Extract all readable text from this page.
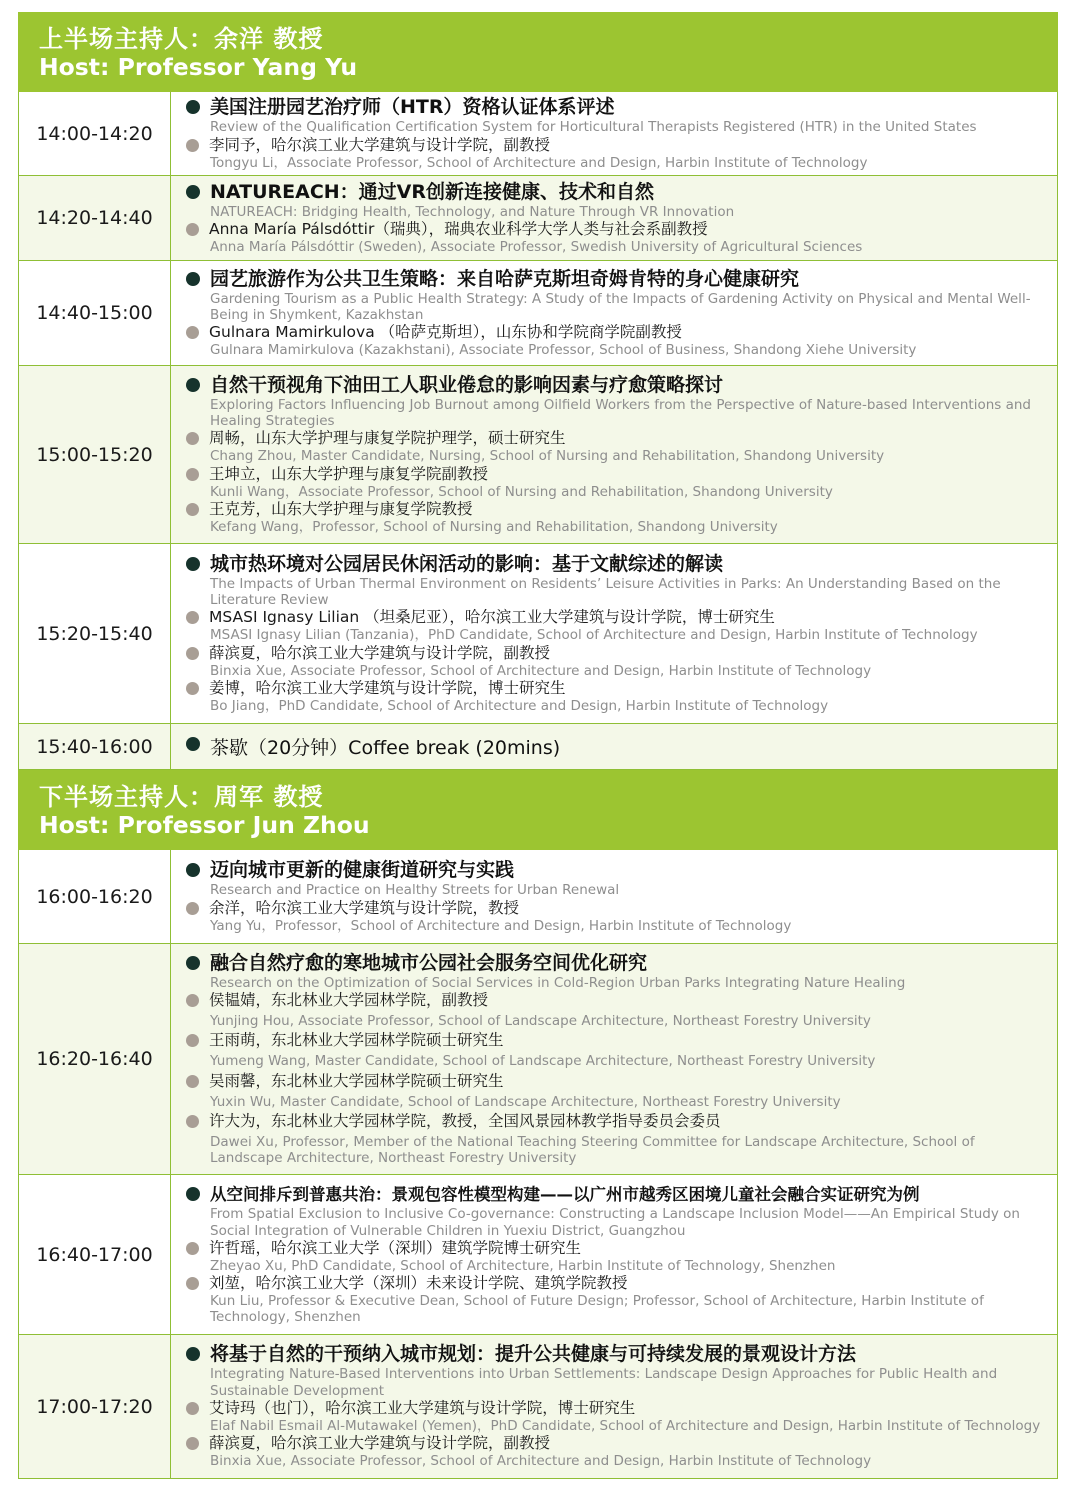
上半场主持人：余洋 教授
Host: Professor Yang Yu
14:00-14:20
美国注册园艺治疗师（HTR）资格认证体系评述
Review of the Qualification Certification System for Horticultural Therapists Registered (HTR) in the United States
李同予，哈尔滨工业大学建筑与设计学院，副教授
Tongyu Li，Associate Professor, School of Architecture and Design, Harbin Institute of Technology
14:20-14:40
NATUREACH：通过VR创新连接健康、技术和自然
NATUREACH: Bridging Health, Technology, and Nature Through VR Innovation
Anna María Pálsdóttir（瑞典），瑞典农业科学大学人类与社会系副教授
Anna María Pálsdóttir (Sweden), Associate Professor, Swedish University of Agricultural Sciences
14:40-15:00
园艺旅游作为公共卫生策略：来自哈萨克斯坦奇姆肯特的身心健康研究
Gardening Tourism as a Public Health Strategy: A Study of the Impacts of Gardening Activity on Physical and Mental Well-Being in Shymkent, Kazakhstan
Gulnara Mamirkulova （哈萨克斯坦），山东协和学院商学院副教授
Gulnara Mamirkulova (Kazakhstani), Associate Professor, School of Business, Shandong Xiehe University
15:00-15:20
自然干预视角下油田工人职业倦怠的影响因素与疗愈策略探讨
Exploring Factors Influencing Job Burnout among Oilfield Workers from the Perspective of Nature-based Interventions and Healing Strategies
周畅，山东大学护理与康复学院护理学，硕士研究生
Chang Zhou, Master Candidate, Nursing, School of Nursing and Rehabilitation, Shandong University
王坤立，山东大学护理与康复学院副教授
Kunli Wang，Associate Professor, School of Nursing and Rehabilitation, Shandong University
王克芳，山东大学护理与康复学院教授
Kefang Wang，Professor, School of Nursing and Rehabilitation, Shandong University
15:20-15:40
城市热环境对公园居民休闲活动的影响：基于文献综述的解读
The Impacts of Urban Thermal Environment on Residents’ Leisure Activities in Parks: An Understanding Based on the Literature Review
MSASI Ignasy Lilian （坦桑尼亚），哈尔滨工业大学建筑与设计学院，博士研究生
MSASI Ignasy Lilian (Tanzania)，PhD Candidate, School of Architecture and Design, Harbin Institute of Technology
薛滨夏，哈尔滨工业大学建筑与设计学院，副教授
Binxia Xue, Associate Professor, School of Architecture and Design, Harbin Institute of Technology
姜博，哈尔滨工业大学建筑与设计学院，博士研究生
Bo Jiang，PhD Candidate, School of Architecture and Design, Harbin Institute of Technology
15:40-16:00	茶歇（20分钟）Coffee break (20mins)
下半场主持人：周军 教授
Host: Professor Jun Zhou
16:00-16:20
迈向城市更新的健康街道研究与实践
Research and Practice on Healthy Streets for Urban Renewal
余洋，哈尔滨工业大学建筑与设计学院，教授
Yang Yu，Professor，School of Architecture and Design, Harbin Institute of Technology
16:20-16:40
融合自然疗愈的寒地城市公园社会服务空间优化研究
Research on the Optimization of Social Services in Cold-Region Urban Parks Integrating Nature Healing
侯韫婧，东北林业大学园林学院，副教授
Yunjing Hou, Associate Professor, School of Landscape Architecture, Northeast Forestry University
王雨萌，东北林业大学园林学院硕士研究生
Yumeng Wang, Master Candidate, School of Landscape Architecture, Northeast Forestry University
吴雨馨，东北林业大学园林学院硕士研究生
Yuxin Wu, Master Candidate, School of Landscape Architecture, Northeast Forestry University
许大为，东北林业大学园林学院，教授，全国风景园林教学指导委员会委员
Dawei Xu, Professor, Member of the National Teaching Steering Committee for Landscape Architecture, School of Landscape Architecture, Northeast Forestry University
16:40-17:00
从空间排斥到普惠共治：景观包容性模型构建——以广州市越秀区困境儿童社会融合实证研究为例
From Spatial Exclusion to Inclusive Co-governance: Constructing a Landscape Inclusion Model——An Empirical Study on Social Integration of Vulnerable Children in Yuexiu District, Guangzhou
许哲瑶，哈尔滨工业大学（深圳）建筑学院博士研究生
Zheyao Xu, PhD Candidate, School of Architecture, Harbin Institute of Technology, Shenzhen
刘堃，哈尔滨工业大学（深圳）未来设计学院、建筑学院教授
Kun Liu, Professor & Executive Dean, School of Future Design; Professor, School of Architecture, Harbin Institute of Technology, Shenzhen
17:00-17:20
将基于自然的干预纳入城市规划：提升公共健康与可持续发展的景观设计方法
Integrating Nature-Based Interventions into Urban Settlements: Landscape Design Approaches for Public Health and Sustainable Development
艾诗玛（也门），哈尔滨工业大学建筑与设计学院，博士研究生
Elaf Nabil Esmail Al-Mutawakel (Yemen)，PhD Candidate, School of Architecture and Design, Harbin Institute of Technology
薛滨夏，哈尔滨工业大学建筑与设计学院，副教授
Binxia Xue, Associate Professor, School of Architecture and Design, Harbin Institute of Technology
